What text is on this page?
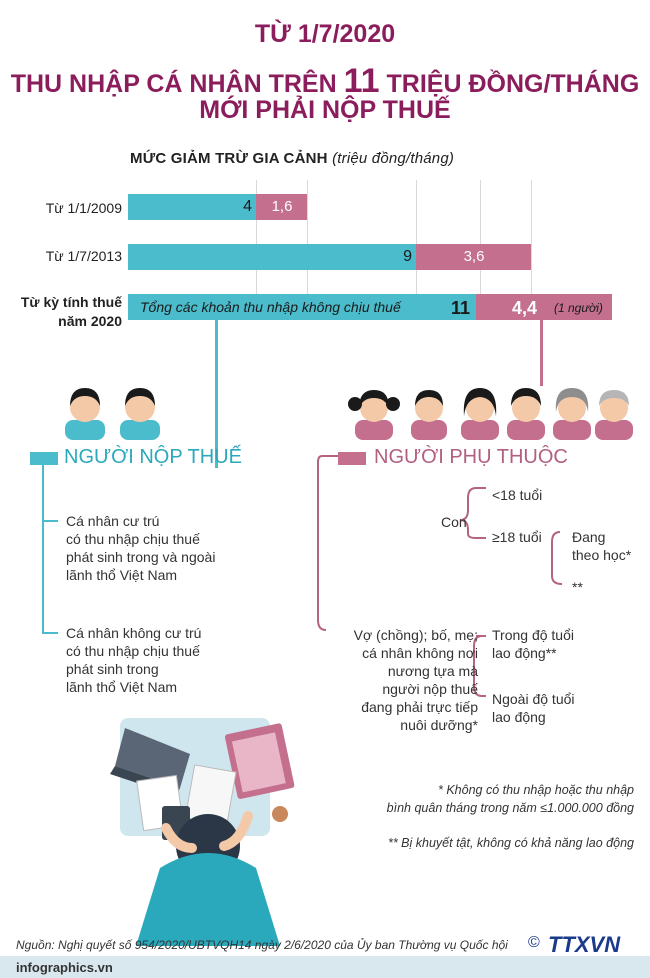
TỪ 1/7/2020
THU NHẬP CÁ NHÂN TRÊN 11 TRIỆU ĐỒNG/THÁNG
MỚI PHẢI NỘP THUẾ
MỨC GIẢM TRỪ GIA CẢNH (triệu đồng/tháng)
4 1,6
9	3,6
11 4,4
Tổng các khoản thu nhập không chịu thuế	(1 người)
Từ 1/1/2009
Từ 1/7/2013
Từ kỳ tính thuế
năm 2020
NGƯỜI NỘP THUẾ
Cá nhân cư trú
có thu nhập chịu thuế
phát sinh trong và ngoài
lãnh thổ Việt Nam
Cá nhân không cư trú
có thu nhập chịu thuế
phát sinh trong
lãnh thổ Việt Nam
NGƯỜI PHỤ THUỘC
Con
<18 tuổi
≥18 tuổi Đang
theo học*
**
Vợ (chồng); bố, mẹ;
cá nhân không nơi
nương tựa mà
người nộp thuế
đang phải trực tiếp
nuôi dưỡng*
Trong độ tuổi
lao động**
Ngoài độ tuổi
lao động
* Không có thu nhập hoặc thu nhập
bình quân tháng trong năm ≤1.000.000 đồng
** Bị khuyết tật, không có khả năng lao động
Nguồn: Nghị quyết số 954/2020/UBTVQH14 ngày 2/6/2020 của Ủy ban Thường vụ Quốc hội
infographics.vn
© TTXVN
